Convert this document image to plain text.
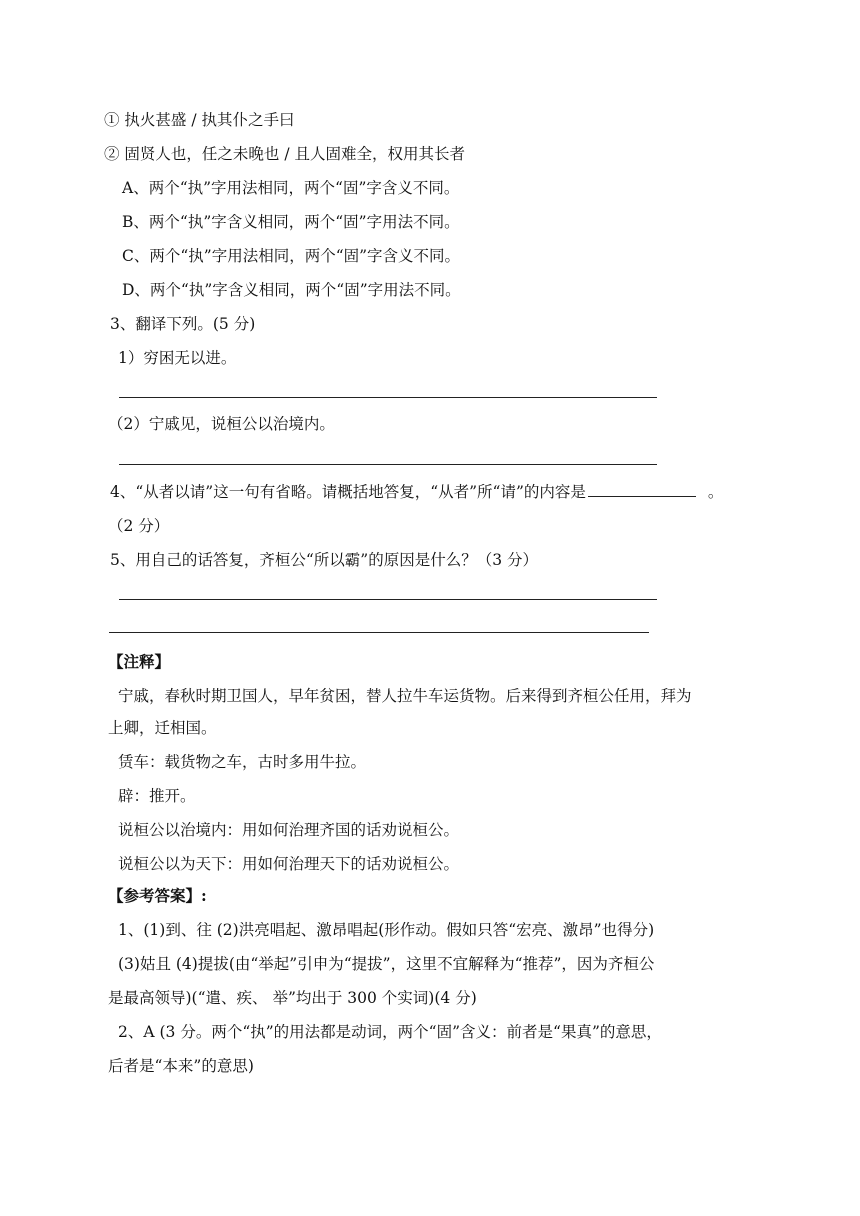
① 执火甚盛 / 执其仆之手曰
② 固贤人也，任之未晚也 / 且人固难全，权用其长者
A、两个“执”字用法相同，两个“固”字含义不同。
B、两个“执”字含义相同，两个“固”字用法不同。
C、两个“执”字用法相同，两个“固”字含义不同。
D、两个“执”字含义相同，两个“固”字用法不同。
3、翻译下列。(5 分)
1）穷困无以进。
（2）宁戚见，说桓公以治境内。
4、“从者以请”这一句有省略。请概括地答复，“从者”所“请”的内容是	。
（2 分）
5、用自己的话答复，齐桓公“所以霸”的原因是什么？（3 分）
【注释】
宁戚，春秋时期卫国人，早年贫困，替人拉牛车运货物。后来得到齐桓公任用，拜为
上卿，迁相国。
赁车：载货物之车，古时多用牛拉。
辟：推开。
说桓公以治境内：用如何治理齐国的话劝说桓公。
说桓公以为天下：用如何治理天下的话劝说桓公。
【参考答案】:
1、(1)到、往 (2)洪亮唱起、激昂唱起(形作动。假如只答“宏亮、激昂”也得分)
(3)姑且 (4)提拔(由“举起”引申为“提拔”，这里不宜解释为“推荐”，因为齐桓公
是最高领导)(“遣、疾、 举”均出于 300 个实词)(4 分)
2、A (3 分。两个“执”的用法都是动词，两个“固”含义：前者是“果真”的意思，
后者是“本来”的意思)
